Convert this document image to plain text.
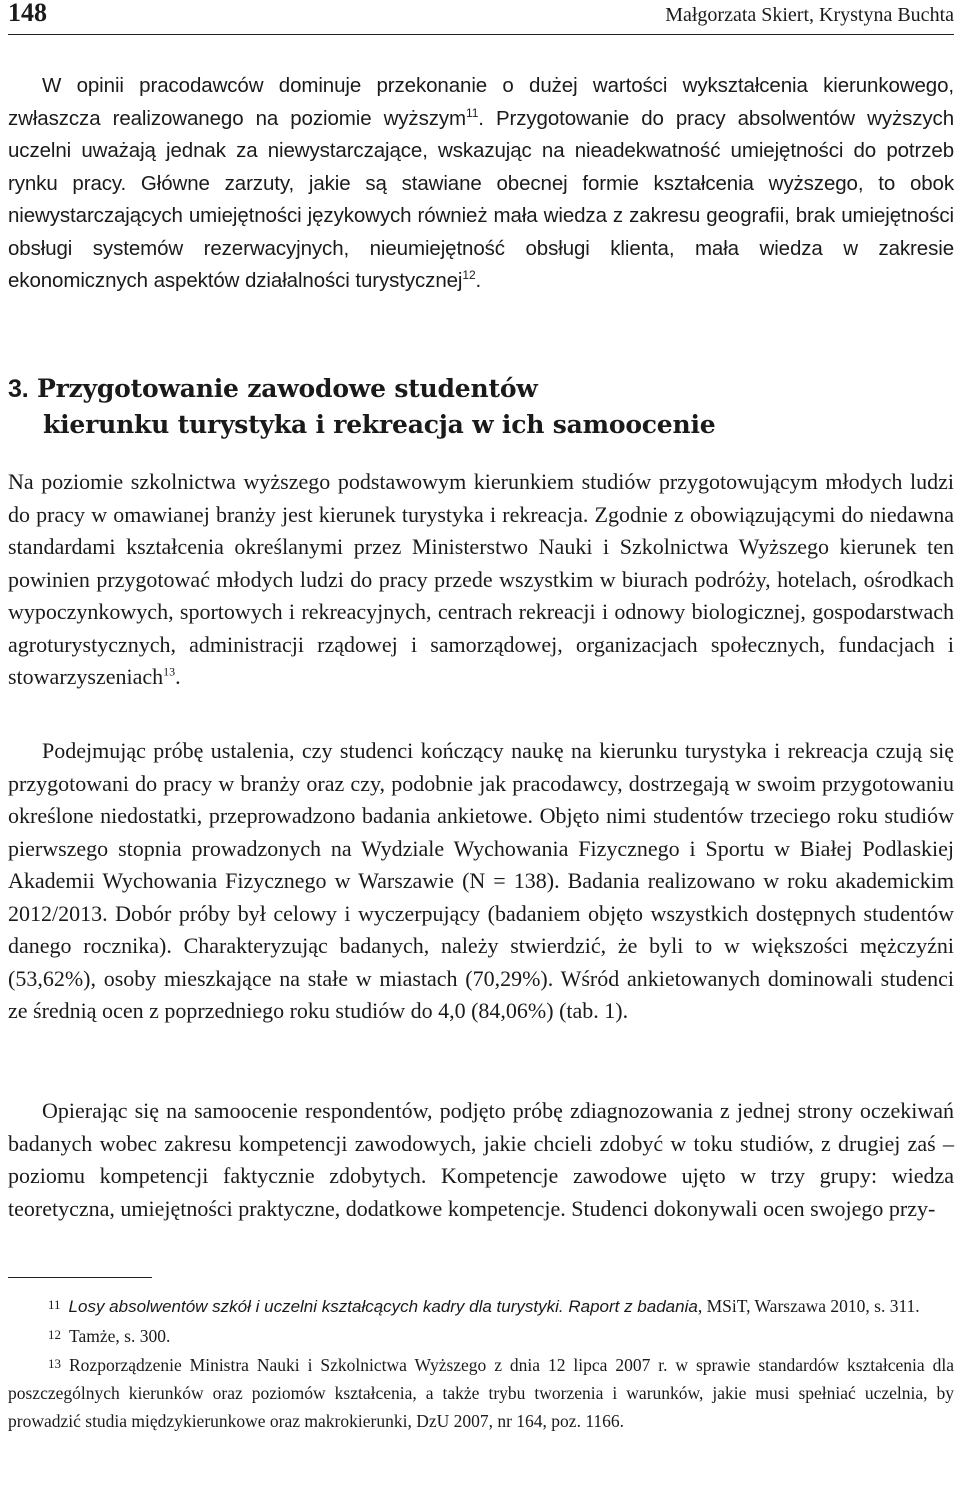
148	Małgorzata Skiert, Krystyna Buchta

W opinii pracodawców dominuje przekonanie o dużej wartości wykształcenia kierunkowego, zwłaszcza realizowanego na poziomie wyższym$^{11}$. Przygotowanie do pracy absolwentów wyższych uczelni uważają jednak za niewystarczające, wskazując na nieadekwatność umiejętności do potrzeb rynku pracy. Główne zarzuty, jakie są stawiane obecnej formie kształcenia wyższego, to obok niewystarczających umiejętności językowych również mała wiedza z zakresu geografii, brak umiejętności obsługi systemów rezerwacyjnych, nieumiejętność obsługi klienta, mała wiedza w zakresie ekonomicznych aspektów działalności turystycznej$^{12}$.

3. Przygotowanie zawodowe studentów
kierunku turystyka i rekreacja w ich samoocenie

Na poziomie szkolnictwa wyższego podstawowym kierunkiem studiów przygotowującym młodych ludzi do pracy w omawianej branży jest kierunek turystyka i rekreacja. Zgodnie z obowiązującymi do niedawna standardami kształcenia określanymi przez Ministerstwo Nauki i Szkolnictwa Wyższego kierunek ten powinien przygotować młodych ludzi do pracy przede wszystkim w biurach podróży, hotelach, ośrodkach wypoczynkowych, sportowych i rekreacyjnych, centrach rekreacji i odnowy biologicznej, gospodarstwach agroturystycznych, administracji rządowej i samorządowej, organizacjach społecznych, fundacjach i stowarzyszeniach$^{13}$.

Podejmując próbę ustalenia, czy studenci kończący naukę na kierunku turystyka i rekreacja czują się przygotowani do pracy w branży oraz czy, podobnie jak pracodawcy, dostrzegają w swoim przygotowaniu określone niedostatki, przeprowadzono badania ankietowe. Objęto nimi studentów trzeciego roku studiów pierwszego stopnia prowadzonych na Wydziale Wychowania Fizycznego i Sportu w Białej Podlaskiej Akademii Wychowania Fizycznego w Warszawie (N = 138). Badania realizowano w roku akademickim 2012/2013. Dobór próby był celowy i wyczerpujący (badaniem objęto wszystkich dostępnych studentów danego rocznika). Charakteryzując badanych, należy stwierdzić, że byli to w większości mężczyźni (53,62%), osoby mieszkające na stałe w miastach (70,29%). Wśród ankietowanych dominowali studenci ze średnią ocen z poprzedniego roku studiów do 4,0 (84,06%) (tab. 1).

Opierając się na samoocenie respondentów, podjęto próbę zdiagnozowania z jednej strony oczekiwań badanych wobec zakresu kompetencji zawodowych, jakie chcieli zdobyć w toku studiów, z drugiej zaś – poziomu kompetencji faktycznie zdobytych. Kompetencje zawodowe ujęto w trzy grupy: wiedza teoretyczna, umiejętności praktyczne, dodatkowe kompetencje. Studenci dokonywali ocen swojego przy-

11 Losy absolwentów szkół i uczelni kształcących kadry dla turystyki. Raport z badania, MSiT, Warszawa 2010, s. 311.

12 Tamże, s. 300.

13 Rozporządzenie Ministra Nauki i Szkolnictwa Wyższego z dnia 12 lipca 2007 r. w sprawie standardów kształcenia dla poszczególnych kierunków oraz poziomów kształcenia, a także trybu tworzenia i warunków, jakie musi spełniać uczelnia, by prowadzić studia międzykierunkowe oraz makrokierunki, DzU 2007, nr 164, poz. 1166.
